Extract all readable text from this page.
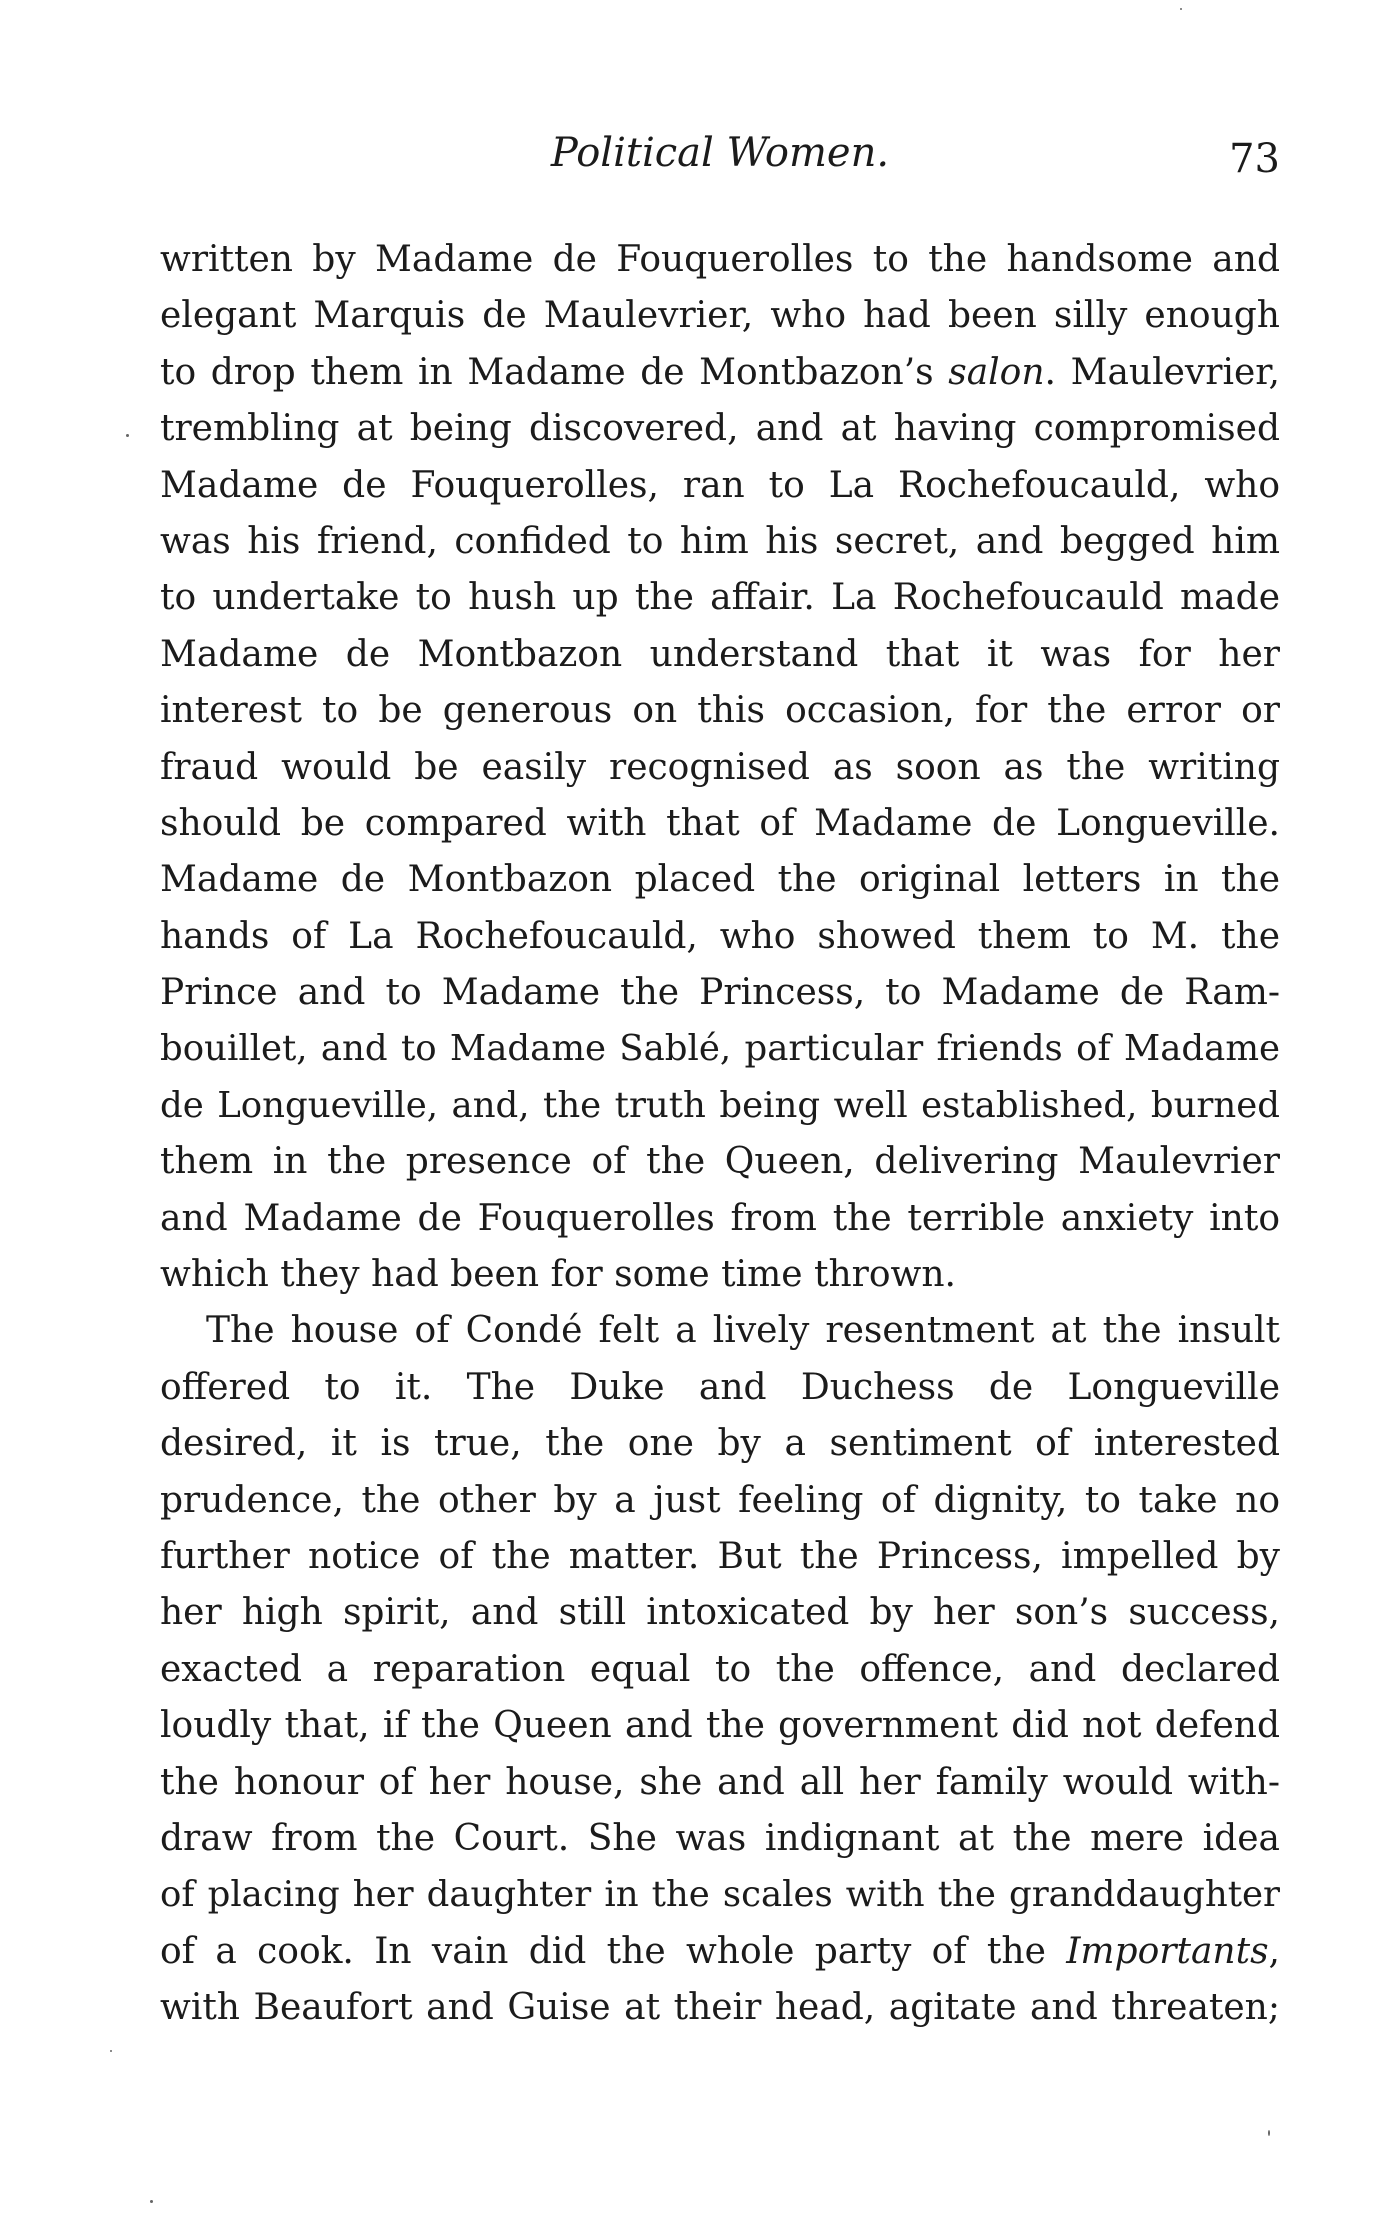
Political Women.	73
written by Madame de Fouquerolles to the handsome and
elegant Marquis de Maulevrier, who had been silly enough
to drop them in Madame de Montbazon’s salon. Maulevrier,
trembling at being discovered, and at having compromised
Madame de Fouquerolles, ran to La Rochefoucauld, who
was his friend, confided to him his secret, and begged him
to undertake to hush up the affair. La Rochefoucauld made
Madame de Montbazon understand that it was for her
interest to be generous on this occasion, for the error or
fraud would be easily recognised as soon as the writing
should be compared with that of Madame de Longueville.
Madame de Montbazon placed the original letters in the
hands of La Rochefoucauld, who showed them to M. the
Prince and to Madame the Princess, to Madame de Ram-
bouillet, and to Madame Sablé, particular friends of Madame
de Longueville, and, the truth being well established, burned
them in the presence of the Queen, delivering Maulevrier
and Madame de Fouquerolles from the terrible anxiety into
which they had been for some time thrown.
The house of Condé felt a lively resentment at the insult
offered to it. The Duke and Duchess de Longueville
desired, it is true, the one by a sentiment of interested
prudence, the other by a just feeling of dignity, to take no
further notice of the matter. But the Princess, impelled by
her high spirit, and still intoxicated by her son’s success,
exacted a reparation equal to the offence, and declared
loudly that, if the Queen and the government did not defend
the honour of her house, she and all her family would with-
draw from the Court. She was indignant at the mere idea
of placing her daughter in the scales with the granddaughter
of a cook. In vain did the whole party of the Importants,
with Beaufort and Guise at their head, agitate and threaten;
